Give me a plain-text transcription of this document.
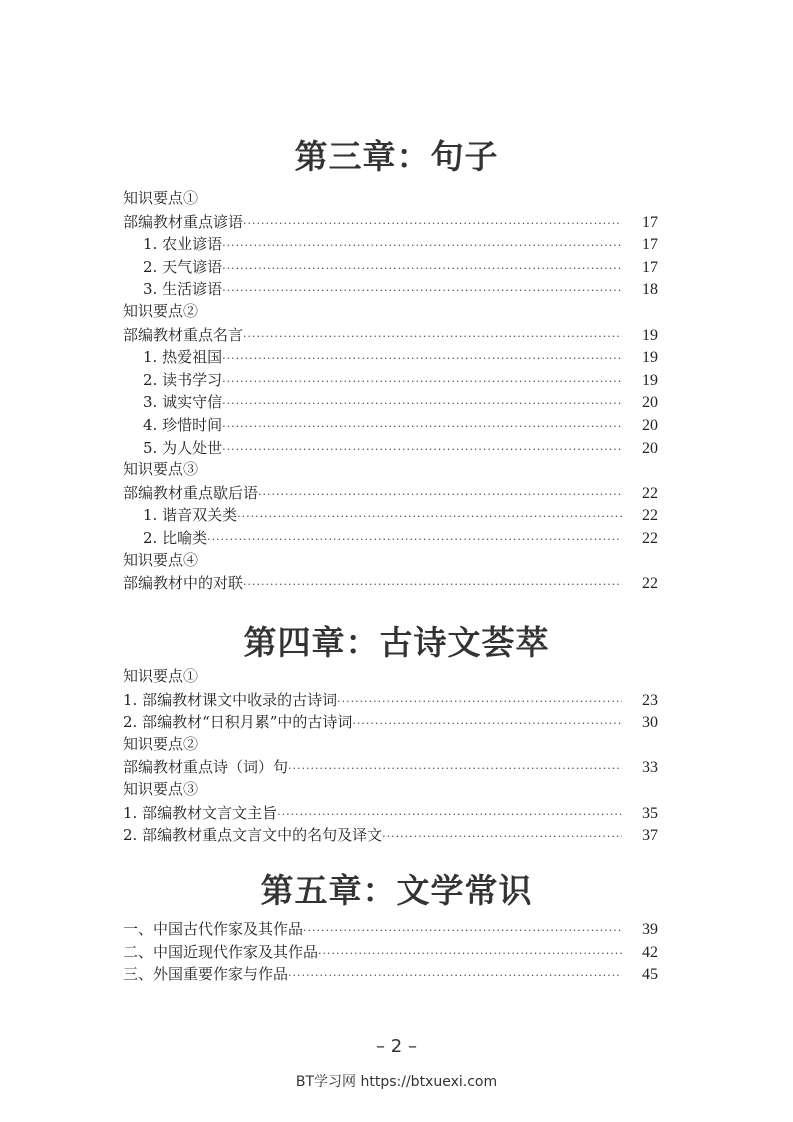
第三章：句子
知识要点①
部编教材重点谚语 ·····	17
1. 农业谚语 ·····	17
2. 天气谚语 ·····	17
3. 生活谚语 ·····	18
知识要点②
部编教材重点名言 ·····	19
1. 热爱祖国 ·····	19
2. 读书学习 ·····	19
3. 诚实守信 ·····	20
4. 珍惜时间 ·····	20
5. 为人处世 ·····	20
知识要点③
部编教材重点歇后语 ·····	22
1. 谐音双关类 ·····	22
2. 比喻类 ·····	22
知识要点④
部编教材中的对联 ·····	22
第四章：古诗文荟萃
知识要点①
1. 部编教材课文中收录的古诗词 ·····	23
2. 部编教材“日积月累”中的古诗词 ·····	30
知识要点②
部编教材重点诗（词）句 ·····	33
知识要点③
1. 部编教材文言文主旨 ·····	35
2. 部编教材重点文言文中的名句及译文 ·····	37
第五章：文学常识
一、中国古代作家及其作品 ·····	39
二、中国近现代作家及其作品 ·····	42
三、外国重要作家与作品 ·····	45
– 2 –
BT学习网 https://btxuexi.com
